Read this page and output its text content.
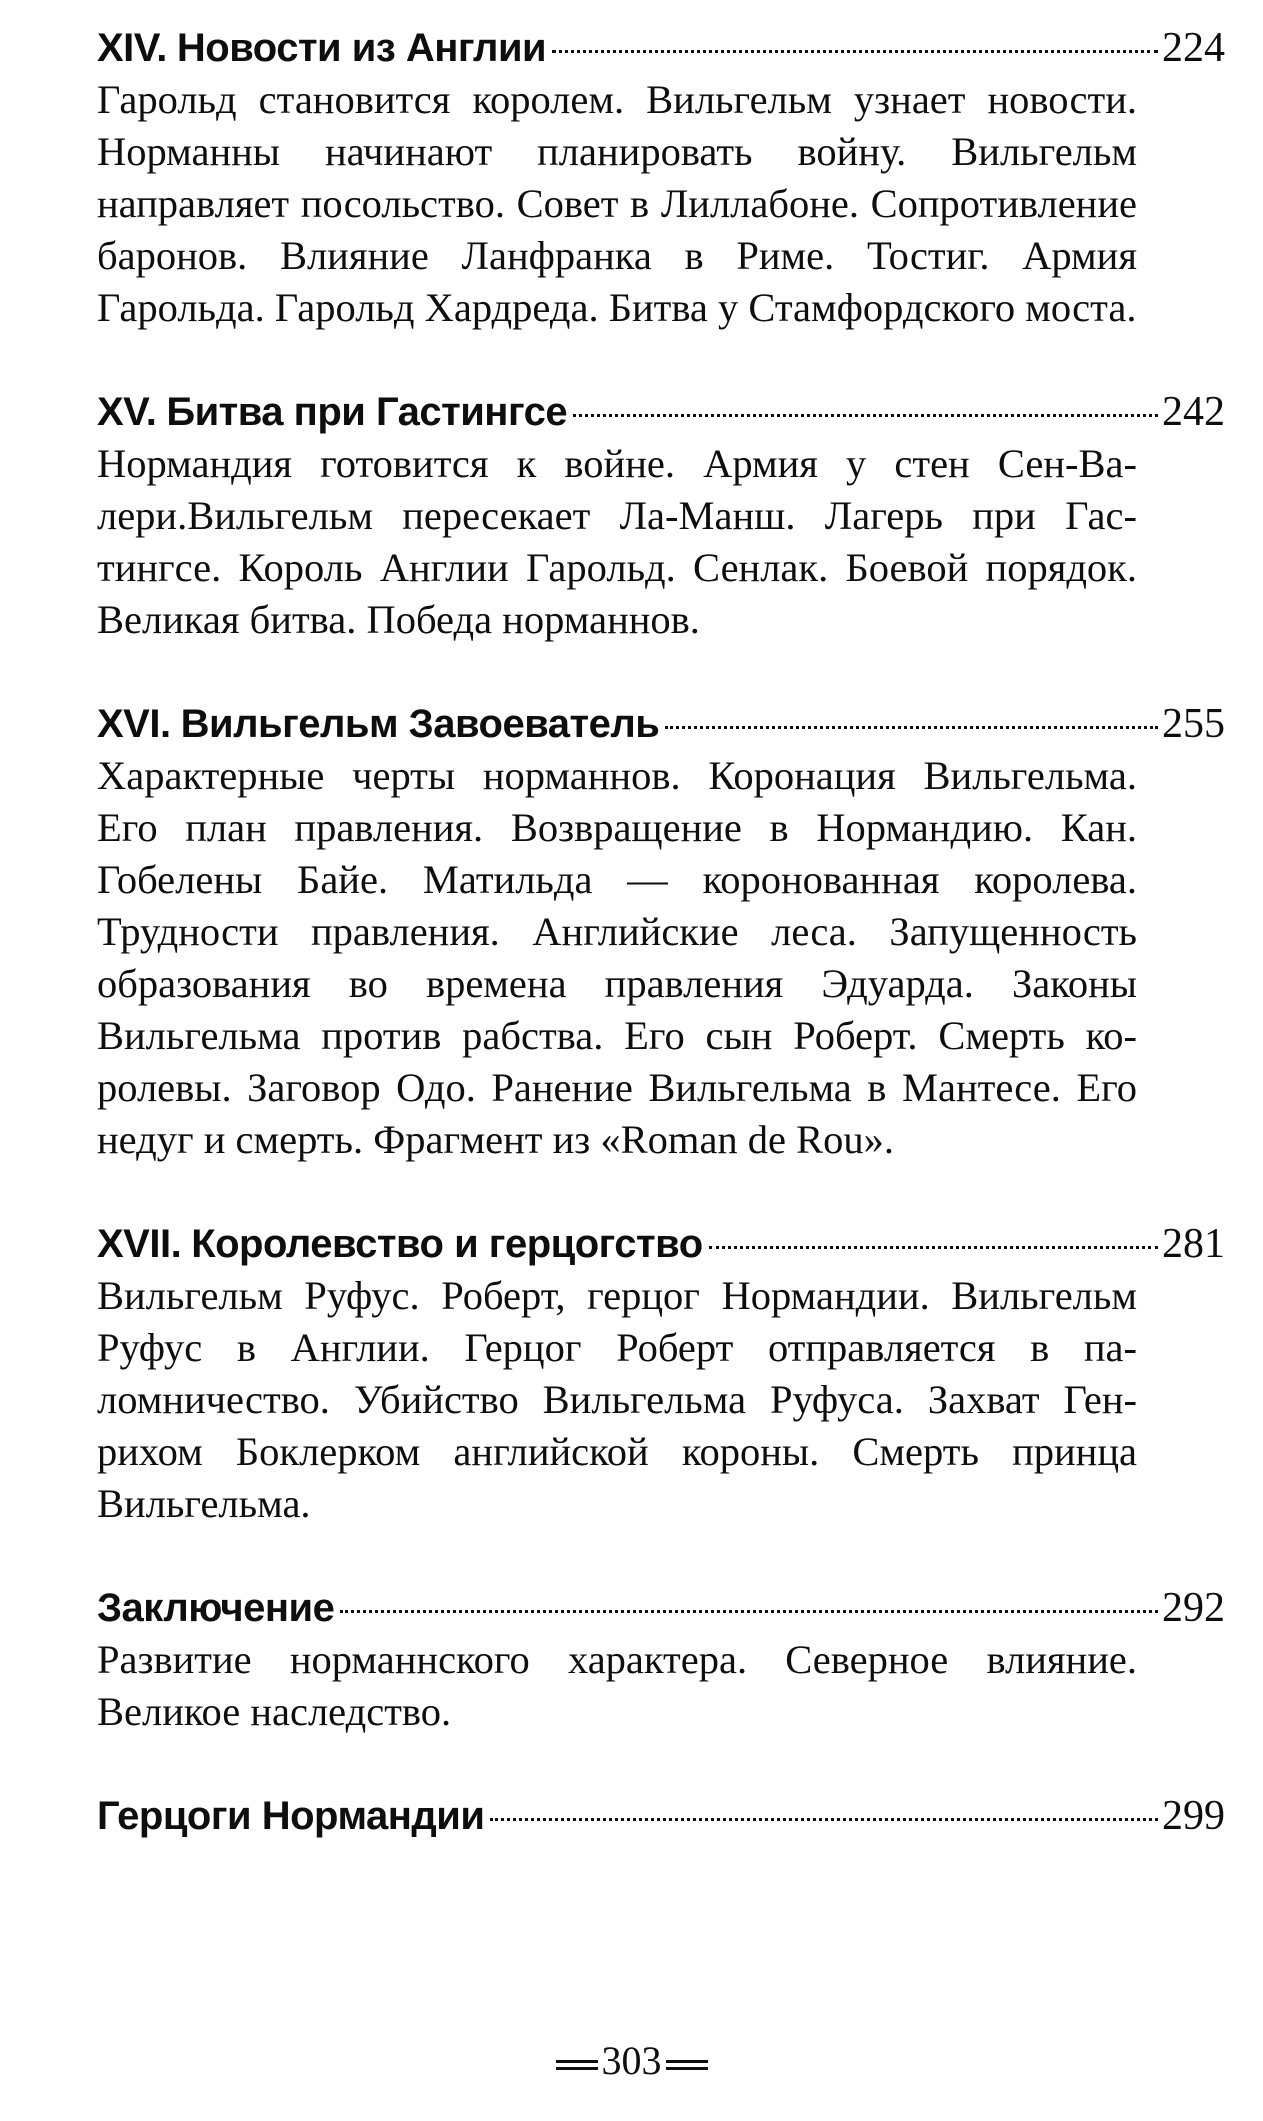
XIV. Новости из Англии	224

Гарольд становится королем. Вильгельм узнает новости. Норманны начинают планировать войну. Вильгельм направляет посольство. Совет в Лиллабоне. Сопротивление баронов. Влияние Ланфранка в Риме. Тостиг. Армия Гарольда. Гарольд Хардреда. Битва у Стамфордского моста.

XV. Битва при Гастингсе	242

Нормандия готовится к войне. Армия у стен Сен-Валери.Вильгельм пересекает Ла-Манш. Лагерь при Гастингсе. Король Англии Гарольд. Сенлак. Боевой порядок. Великая битва. Победа норманнов.

XVI. Вильгельм Завоеватель	255

Характерные черты норманнов. Коронация Вильгельма. Его план правления. Возвращение в Нормандию. Кан. Гобелены Байе. Матильда — коронованная королева. Трудности правления. Английские леса. Запущенность образования во времена правления Эдуарда. Законы Вильгельма против рабства. Его сын Роберт. Смерть королевы. Заговор Одо. Ранение Вильгельма в Мантесе. Его недуг и смерть. Фрагмент из «Roman de Rou».

XVII. Королевство и герцогство	281

Вильгельм Руфус. Роберт, герцог Нормандии. Вильгельм Руфус в Англии. Герцог Роберт отправляется в паломничество. Убийство Вильгельма Руфуса. Захват Генрихом Боклерком английской короны. Смерть принца Вильгельма.

Заключение	292

Развитие норманнского характера. Северное влияние. Великое наследство.

Герцоги Нормандии	299
303
